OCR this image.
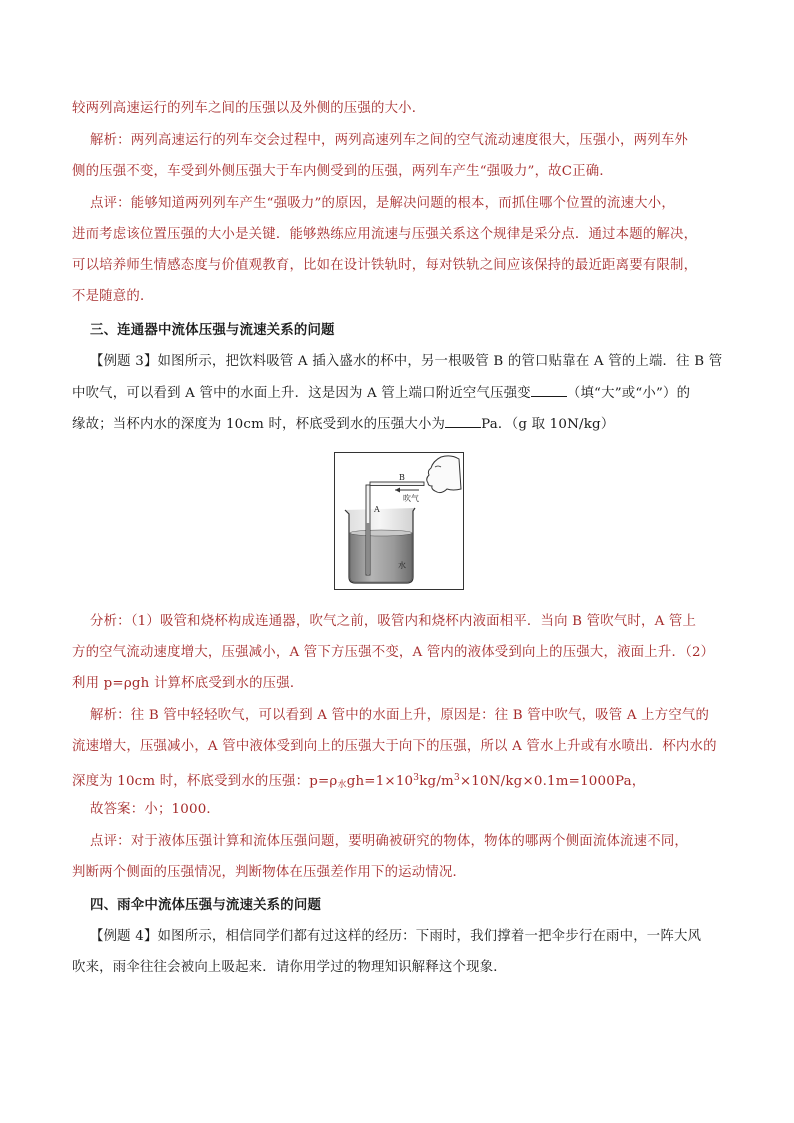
较两列高速运行的列车之间的压强以及外侧的压强的大小．
解析：两列高速运行的列车交会过程中，两列高速列车之间的空气流动速度很大，压强小，两列车外
侧的压强不变，车受到外侧压强大于车内侧受到的压强，两列车产生“强吸力”，故C正确．
点评：能够知道两列列车产生“强吸力”的原因，是解决问题的根本，而抓住哪个位置的流速大小，
进而考虑该位置压强的大小是关键．能够熟练应用流速与压强关系这个规律是采分点．通过本题的解决，
可以培养师生情感态度与价值观教育，比如在设计铁轨时，每对铁轨之间应该保持的最近距离要有限制，
不是随意的．
三、连通器中流体压强与流速关系的问题
【例题 3】如图所示，把饮料吸管 A 插入盛水的杯中，另一根吸管 B 的管口贴靠在 A 管的上端．往 B 管
中吹气，可以看到 A 管中的水面上升．这是因为 A 管上端口附近空气压强变	（填“大”或“小”）的
缘故；当杯内水的深度为 10cm 时，杯底受到水的压强大小为	Pa．（g 取 10N/kg）
B
吹气
A
水
分析：（1）吸管和烧杯构成连通器，吹气之前，吸管内和烧杯内液面相平．当向 B 管吹气时，A 管上
方的空气流动速度增大，压强减小，A 管下方压强不变，A 管内的液体受到向上的压强大，液面上升．（2）
利用 p=ρgh 计算杯底受到水的压强．
解析：往 B 管中轻轻吹气，可以看到 A 管中的水面上升，原因是：往 B 管中吹气，吸管 A 上方空气的
流速增大，压强减小，A 管中液体受到向上的压强大于向下的压强，所以 A 管水上升或有水喷出．杯内水的
深度为 10cm 时，杯底受到水的压强：$p=\rho_水gh=1\times 10^3kg/m^3\times 10N/kg\times 0.1m=1000Pa$，
故答案：小；1000．
点评：对于液体压强计算和流体压强问题，要明确被研究的物体，物体的哪两个侧面流体流速不同，
判断两个侧面的压强情况，判断物体在压强差作用下的运动情况．
四、雨伞中流体压强与流速关系的问题
【例题 4】如图所示，相信同学们都有过这样的经历：下雨时，我们撑着一把伞步行在雨中，一阵大风
吹来，雨伞往往会被向上吸起来．请你用学过的物理知识解释这个现象．
